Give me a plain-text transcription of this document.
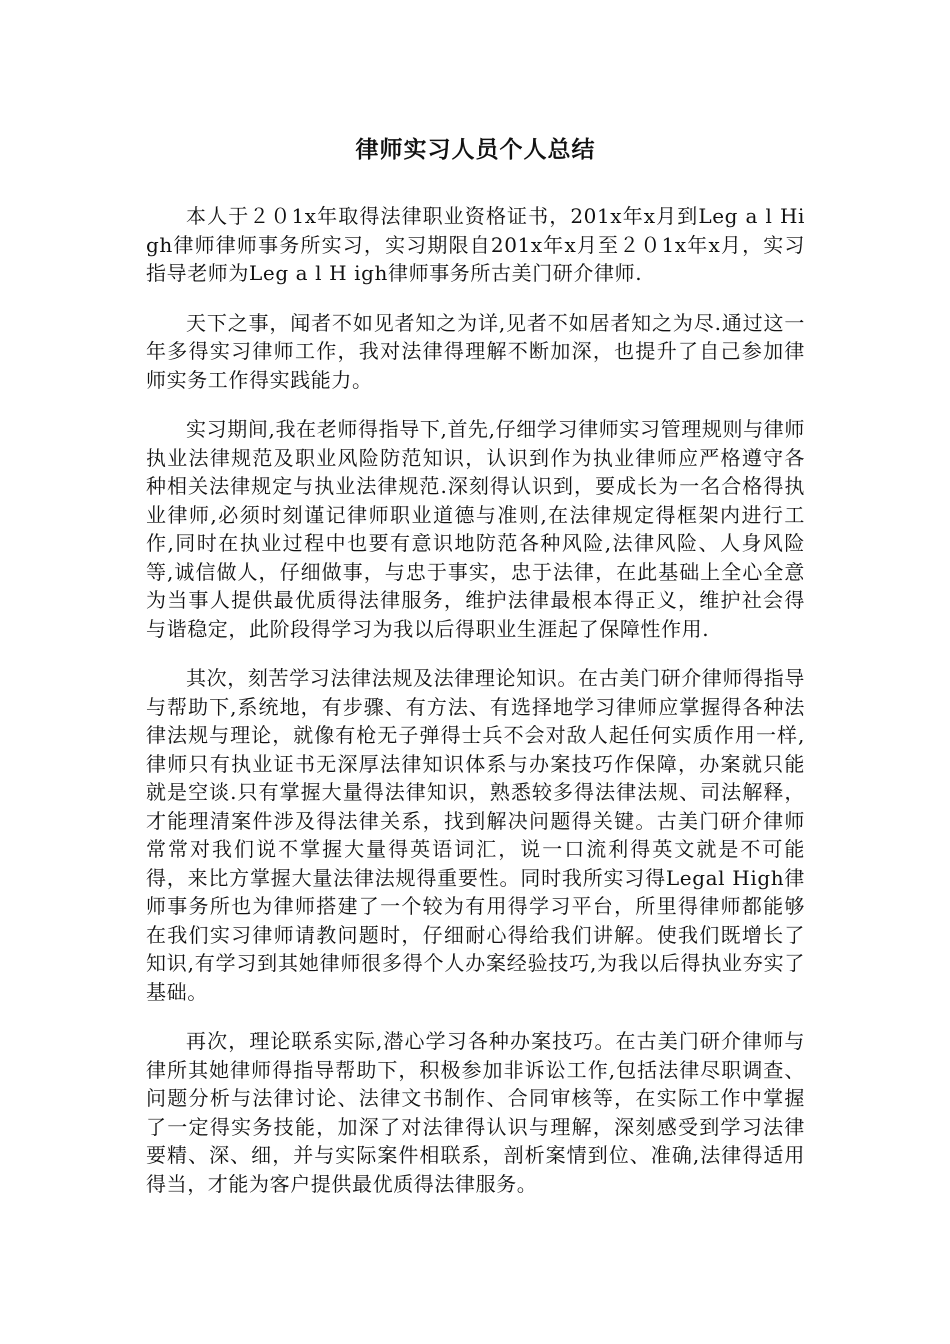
律师实习人员个人总结

本人于２０1x年取得法律职业资格证书，201x年x月到Leg a l High律师律师事务所实习，实习期限自201x年x月至２０1x年x月，实习指导老师为Leg a l H igh律师事务所古美门研介律师.

天下之事，闻者不如见者知之为详,见者不如居者知之为尽.通过这一年多得实习律师工作，我对法律得理解不断加深，也提升了自己参加律师实务工作得实践能力。

实习期间,我在老师得指导下,首先,仔细学习律师实习管理规则与律师执业法律规范及职业风险防范知识，认识到作为执业律师应严格遵守各种相关法律规定与执业法律规范.深刻得认识到，要成长为一名合格得执业律师,必须时刻谨记律师职业道德与准则,在法律规定得框架内进行工作,同时在执业过程中也要有意识地防范各种风险,法律风险、人身风险等,诚信做人，仔细做事，与忠于事实，忠于法律，在此基础上全心全意为当事人提供最优质得法律服务，维护法律最根本得正义，维护社会得与谐稳定，此阶段得学习为我以后得职业生涯起了保障性作用.

其次，刻苦学习法律法规及法律理论知识。在古美门研介律师得指导与帮助下,系统地，有步骤、有方法、有选择地学习律师应掌握得各种法律法规与理论，就像有枪无子弹得士兵不会对敌人起任何实质作用一样,律师只有执业证书无深厚法律知识体系与办案技巧作保障，办案就只能就是空谈.只有掌握大量得法律知识，熟悉较多得法律法规、司法解释，才能理清案件涉及得法律关系，找到解决问题得关键。古美门研介律师常常对我们说不掌握大量得英语词汇，说一口流利得英文就是不可能得，来比方掌握大量法律法规得重要性。同时我所实习得Legal High律师事务所也为律师搭建了一个较为有用得学习平台，所里得律师都能够在我们实习律师请教问题时，仔细耐心得给我们讲解。使我们既增长了知识,有学习到其她律师很多得个人办案经验技巧,为我以后得执业夯实了基础。

再次，理论联系实际,潜心学习各种办案技巧。在古美门研介律师与律所其她律师得指导帮助下，积极参加非诉讼工作,包括法律尽职调查、问题分析与法律讨论、法律文书制作、合同审核等，在实际工作中掌握了一定得实务技能，加深了对法律得认识与理解，深刻感受到学习法律要精、深、细，并与实际案件相联系，剖析案情到位、准确,法律得适用得当，才能为客户提供最优质得法律服务。
